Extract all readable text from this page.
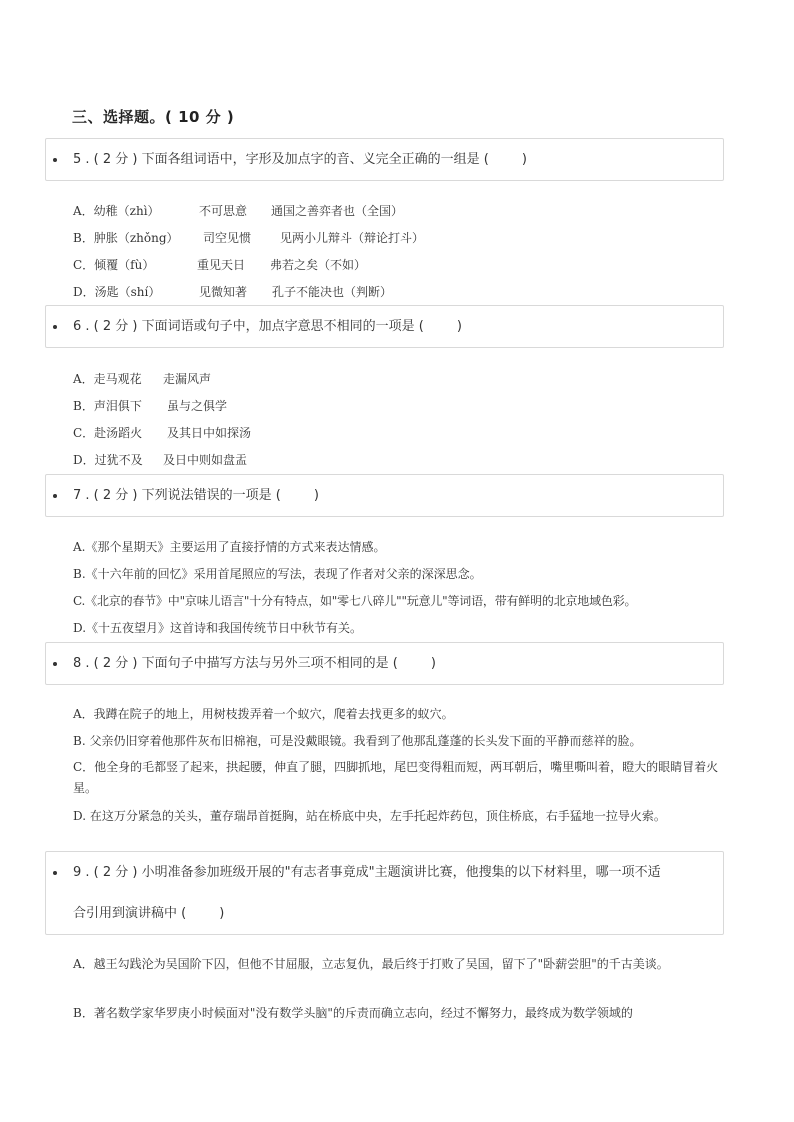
三、选择题。( 10 分 )
5 . ( 2 分 ) 下面各组词语中，字形及加点字的音、义完全正确的一组是 (        )
A．幼稚（zhì）	不可思意 通国之善弈者也（全国）
B．肿胀（zhǒng） 司空见惯 见两小儿辩斗（辩论打斗）
C．倾覆（fù）	重见天日 弗若之矣（不如）
D．汤匙（shí）	见微知著 孔子不能决也（判断）
6 . ( 2 分 ) 下面词语或句子中，加点字意思不相同的一项是 (        )
A．走马观花 走漏风声
B．声泪俱下 虽与之俱学
C．赴汤蹈火 及其日中如探汤
D．过犹不及 及日中则如盘盂
7 . ( 2 分 ) 下列说法错误的一项是 (        )
A.《那个星期天》主要运用了直接抒情的方式来表达情感。
B.《十六年前的回忆》采用首尾照应的写法，表现了作者对父亲的深深思念。
C.《北京的春节》中"京味儿语言"十分有特点，如"零七八碎儿""玩意儿"等词语，带有鲜明的北京地域色彩。
D.《十五夜望月》这首诗和我国传统节日中秋节有关。
8 . ( 2 分 ) 下面句子中描写方法与另外三项不相同的是 (        )
A．我蹲在院子的地上，用树枝拨弄着一个蚁穴，爬着去找更多的蚁穴。
B. 父亲仍旧穿着他那件灰布旧棉袍，可是没戴眼镜。我看到了他那乱蓬蓬的长头发下面的平静而慈祥的脸。
C．他全身的毛都竖了起来，拱起腰，伸直了腿，四脚抓地，尾巴变得粗而短，两耳朝后，嘴里嘶叫着，瞪大的眼睛冒着火星。
D. 在这万分紧急的关头，董存瑞昂首挺胸，站在桥底中央，左手托起炸药包，顶住桥底，右手猛地一拉导火索。
9 . ( 2 分 ) 小明准备参加班级开展的"有志者事竟成"主题演讲比赛，他搜集的以下材料里，哪一项不适
合引用到演讲稿中 (        )
A．越王勾践沦为吴国阶下囚，但他不甘屈服，立志复仇，最后终于打败了吴国，留下了"卧薪尝胆"的千古美谈。
B．著名数学家华罗庚小时候面对"没有数学头脑"的斥责而确立志向，经过不懈努力，最终成为数学领域的
